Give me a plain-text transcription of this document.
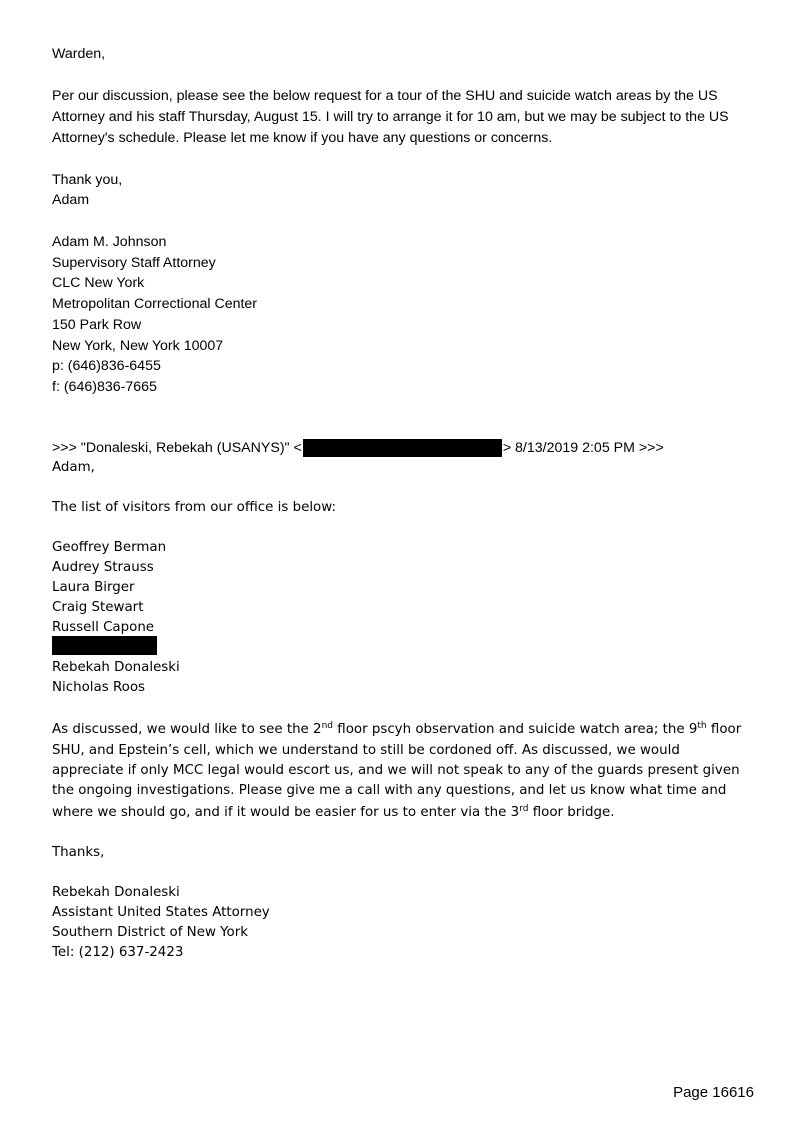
Warden,
Per our discussion, please see the below request for a tour of the SHU and suicide watch areas by the US
Attorney and his staff Thursday, August 15. I will try to arrange it for 10 am, but we may be subject to the US
Attorney's schedule. Please let me know if you have any questions or concerns.
Thank you,
Adam
Adam M. Johnson
Supervisory Staff Attorney
CLC New York
Metropolitan Correctional Center
150 Park Row
New York, New York 10007
p: (646)836-6455
f: (646)836-7665
>>> "Donaleski, Rebekah (USANYS)" <	> 8/13/2019 2:05 PM >>>
Adam,
The list of visitors from our office is below:
Geoffrey Berman
Audrey Strauss
Laura Birger
Craig Stewart
Russell Capone
Rebekah Donaleski
Nicholas Roos
As discussed, we would like to see the 2nd floor pscyh observation and suicide watch area; the 9th floor
SHU, and Epstein’s cell, which we understand to still be cordoned off. As discussed, we would
appreciate if only MCC legal would escort us, and we will not speak to any of the guards present given
the ongoing investigations. Please give me a call with any questions, and let us know what time and
where we should go, and if it would be easier for us to enter via the 3rd floor bridge.
Thanks,
Rebekah Donaleski
Assistant United States Attorney
Southern District of New York
Tel: (212) 637-2423
Page 16616
